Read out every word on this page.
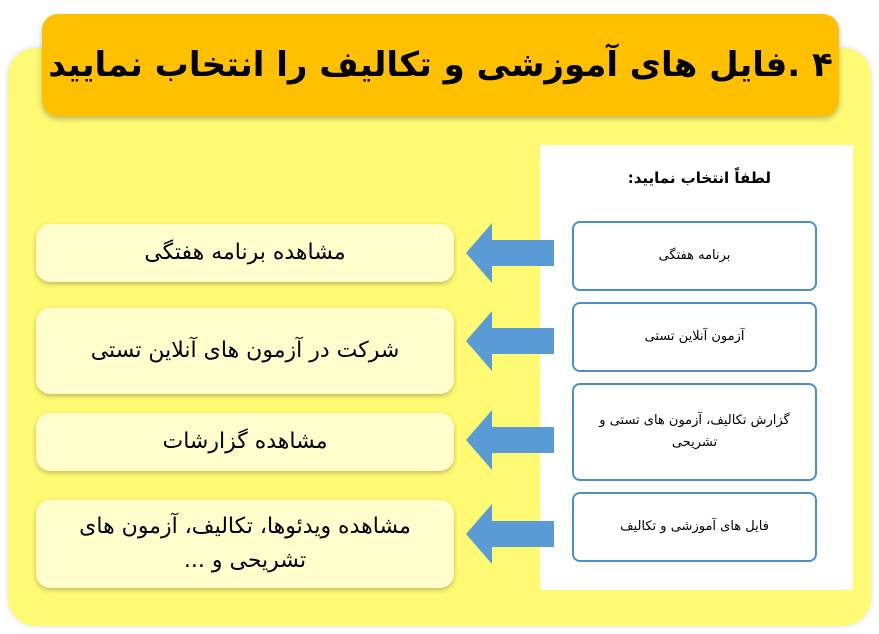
۴ .فایل های آموزشی و تکالیف را انتخاب نمایید
لطفاً انتخاب نمایید:
برنامه هفتگی
آزمون آنلاین تستی
گزارش تکالیف، آزمون های تستی و تشریحی
فایل های آموزشی و تکالیف
مشاهده برنامه هفتگی
شرکت در آزمون های آنلاین تستی
مشاهده گزارشات
مشاهده ویدئوها، تکالیف، آزمون های تشریحی و ...
